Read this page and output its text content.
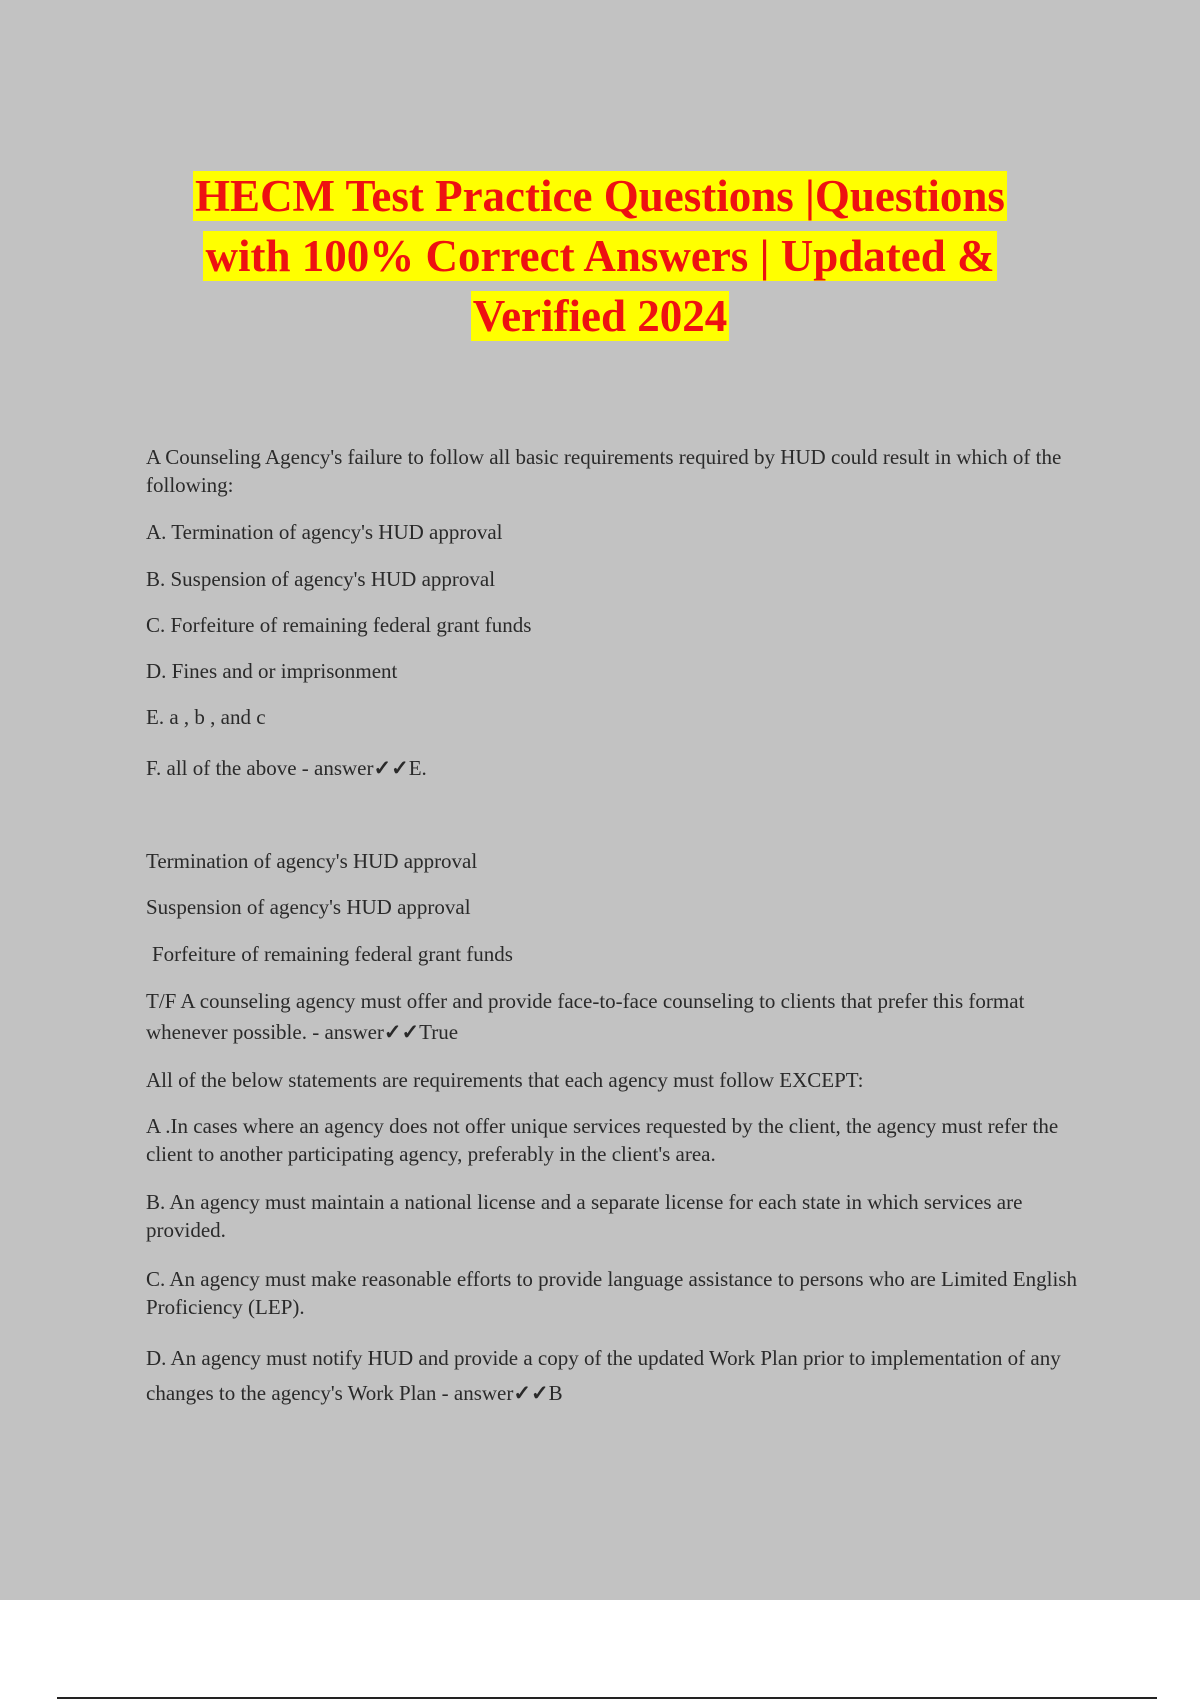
HECM Test Practice Questions |Questions
with 100% Correct Answers | Updated &
Verified 2024

A Counseling Agency's failure to follow all basic requirements required by HUD could result in which of the following:

A. Termination of agency's HUD approval

B. Suspension of agency's HUD approval

C. Forfeiture of remaining federal grant funds

D. Fines and or imprisonment

E. a , b , and c

F. all of the above - answer✓✓E.

Termination of agency's HUD approval

Suspension of agency's HUD approval

Forfeiture of remaining federal grant funds

T/F A counseling agency must offer and provide face-to-face counseling to clients that prefer this format whenever possible. - answer✓✓True

All of the below statements are requirements that each agency must follow EXCEPT:

A .In cases where an agency does not offer unique services requested by the client, the agency must refer the client to another participating agency, preferably in the client's area.

B. An agency must maintain a national license and a separate license for each state in which services are provided.

C. An agency must make reasonable efforts to provide language assistance to persons who are Limited English Proficiency (LEP).

D. An agency must notify HUD and provide a copy of the updated Work Plan prior to implementation of any changes to the agency's Work Plan - answer✓✓B
